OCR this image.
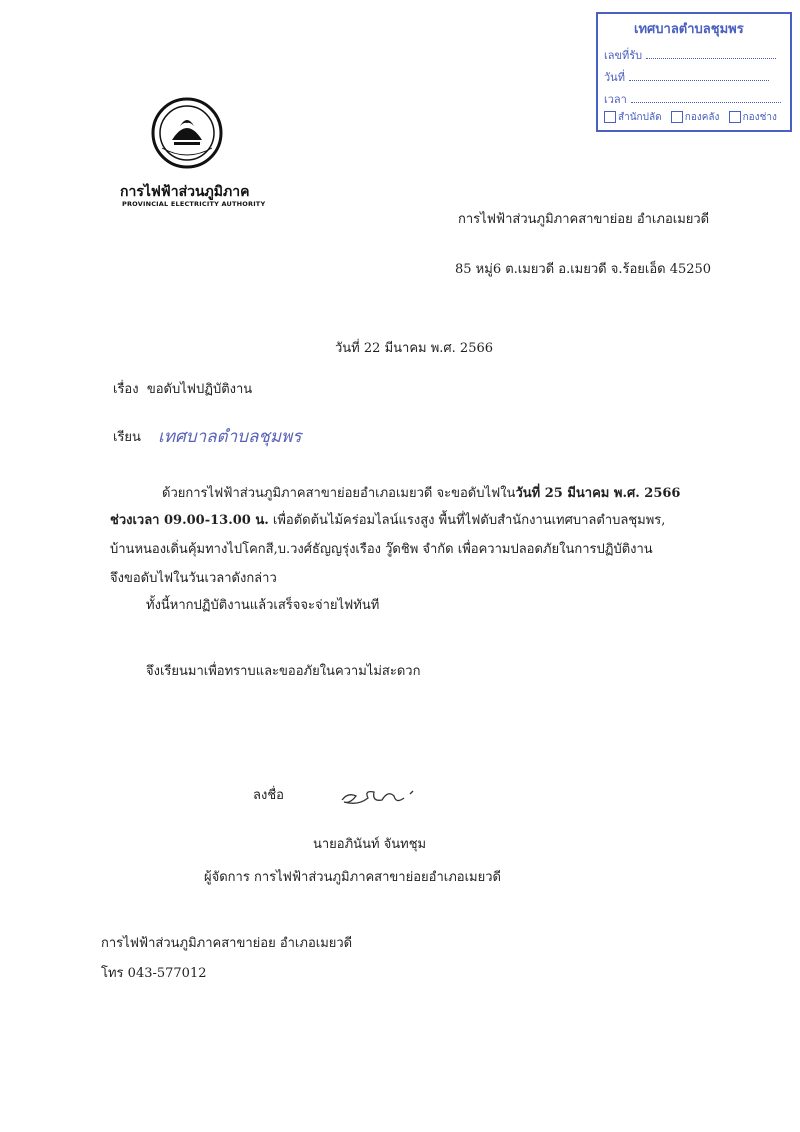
เทศบาลตำบลชุมพร
เลขที่รับ
วันที่
เวลา
สำนักปลัด กองคลัง กองช่าง
การไฟฟ้าส่วนภูมิภาค
PROVINCIAL ELECTRICITY AUTHORITY
การไฟฟ้าส่วนภูมิภาคสาขาย่อย อำเภอเมยวดี
85 หมู่6 ต.เมยวดี อ.เมยวดี จ.ร้อยเอ็ด 45250
วันที่ 22 มีนาคม พ.ศ. 2566
เรื่อง ขอดับไฟปฏิบัติงาน
เรียน เทศบาลตำบลชุมพร
ด้วยการไฟฟ้าส่วนภูมิภาคสาขาย่อยอำเภอเมยวดี จะขอดับไฟในวันที่ 25 มีนาคม พ.ศ. 2566
ช่วงเวลา 09.00-13.00 น. เพื่อตัดต้นไม้คร่อมไลน์แรงสูง พื้นที่ไฟดับสำนักงานเทศบาลตำบลชุมพร,
บ้านหนองเดิ่นคุ้มทางไปโคกสี,บ.วงศ์ธัญญรุ่งเรือง วู๊ดชิพ จำกัด เพื่อความปลอดภัยในการปฏิบัติงาน
จึงขอดับไฟในวันเวลาดังกล่าว
ทั้งนี้หากปฏิบัติงานแล้วเสร็จจะจ่ายไฟทันที
จึงเรียนมาเพื่อทราบและขออภัยในความไม่สะดวก
ลงชื่อ
นายอภินันท์ จันทชุม
ผู้จัดการ การไฟฟ้าส่วนภูมิภาคสาขาย่อยอำเภอเมยวดี
การไฟฟ้าส่วนภูมิภาคสาขาย่อย อำเภอเมยวดี
โทร 043-577012
